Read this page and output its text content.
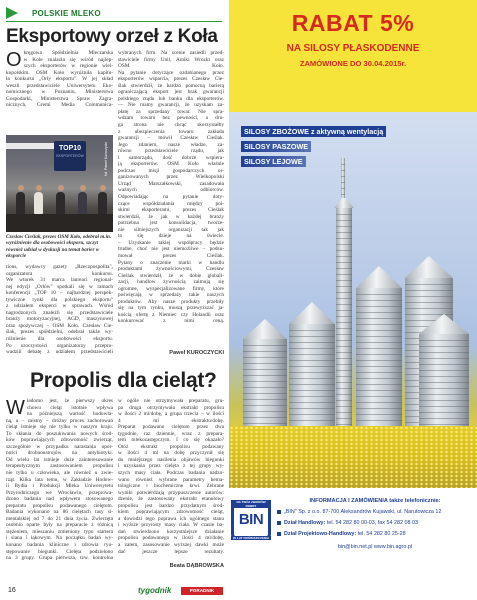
POLSKIE MLEKO
Eksportowy orzeł z Koła
O kręgowa Spółdzielnia Mleczarska
w Kole znalazła się wśród najlep-
szych eksporterów w regionie wiel-
kopolskim. OSM Koło wyróżniła kapitu-
ła konkursu „Orły eksportu". W jej skład
weszli przedstawiciele Uniwersytetu Eko-
nomicznego w Poznaniu, Ministerstwa
Gospodarki, Ministerstwa Spraw Zagra-
nicznych, Gremi Media Communica-
TOP10
EKSPORTERÓW	fot. Paweł Kuroczycki
Czesław Cieślak, prezes OSM Koło, odebrał m.in. wyróżnienie dla osobowości eksporu, szczyt również udział w dyskusji na temat barier w eksporcie
tions, wydawcy gazety „Rzeczpospolita",
organizatora konkursu.
We wtorek 31 marca laureaci regional-
nej edycji „Orłów" spotkali się w ramach
konferencji „TOP 10 – najbardziej perspek-
tywiczne rynki dla polskiego eksportu"
z udziałem eksperci w sprawach. Wśród
nagrodzonych znaleźli się przedstawiciele
branży motoryzacyjnej, AGD, maszynowej
oraz spożywczej – OSM Koło. Czesław Cie-
ślak, prezes spółdzielni, odebrał także wy-
różnienie dla osobowości eksportu.
Po uroczystości organizatorzy przepro-
wadzili debatę z udziałem przedstawicieli
wybranych firm. Na scenie zasiedli przed-
stawiciele firmy Unil, Amiki Wrozki oraz
OSM Koło.
Na pytanie dotyczące ozdabianego przez
eksporterów wsparcia, prezes Czesław Cie-
ślak stwierdził, że bardzo pomocną barierą
ograniczającą eksport jest brak gwarancji
polskiego rządu lub banku dla eksporterów.
— Nie mamy gwarancji, że uzyskam za-
płatę za sprzedany towar. Nie spra-
wdzam towaru bez pewności, a dru-
ga strona nie chcąc skorzystałby
z ubezpieczenia towaru zakłada
gwarancji – mówił Czesław Cieślak.
Jego zdaniem, nasze władze, za-
równo przedstawiciele rządu, jak
i samorządu, dość dobrze wspiera-
ją eksporterów. OSM Koło właśnie
podczas misji gospodarczych or-
ganizowanych przez Wielkopolski
Urząd Marszałkowski, zasadowała
ważnych odbiorców.
Odpowiadając na pytanie doty-
czące współdziałania między pol-
skimi eksporterami, prezes Cieślak
stwierdził, że jak w każdej branży
potrzebna jest konsolidacja, tworze-
nie silniejszych organizacji tak jak
to się dzieje na świecie.
– Uzyskanie takiej współpracy będzie
trudne, choć nie jest niemożliwe – podsu-
mował prezes Cieślak.
Pytany o znaczenie marki w handlu
produktami żywnościowymi, Czesław
Cieślak stwierdził, że w dobie globali-
zacji, handlow żywnością zaimują się
ogromne, wyspecjalizowane firmy, które
poświęcają w sprzedaży takie naszych
produktów. Aby nasze produkty przebiły
się na tym rynku, muszą przewyższać ja-
kością ofertę z Niemiec czy Holandii oraz
konkurować z nimi ceną.
Paweł KUROCZYCKI
Propolis dla cieląt?
W ładomo jest, że pierwszy okres
chowu cieląt istotnie wpływa
na późniejszą wartość hodowla-
ną, a – zaistny – dróżny proces zachorowań
cieląt istnieje się nie tylko w naszym kraju.
To skłania do poszukiwania nowych środ-
ków poprawiających zdrowotność zwierząt,
szczególnie w przypadku narastania opor-
ności drobnoustrojów na antybiotyki.
Od wielu lat istnieje duże zainteresowanie
terapeutycznym zastosowaniem propolisu
nie tylko u człowieka, ale również u zwie-
rząt. Kilka lata temu, w Zakładzie Hodow-
li Bydła i Produkcji Mleka Uniwersytetu
Przyrodniczego we Wrocławiu, przeprowa-
dzono badania nad wpływem stosowanego
preparatu propolisu podawanego cielętom.
Badania wykonano na 86 cielętach rasy si-
mentalskiej od 7 do 21 dnia życia. Zwierzęta
osobnio oparte były na preparacie z różnicą
stężeniem, mieszaniu zmieniony typu startera
i siana i łąkowym. Na początku badań wy-
konano badania kliniczne i zdrowia ryo-
stępowanie biegunki. Cielęta podzielono
na 3 grupy. Grupa pierwsza, tzw. kontrolna
w ogóle nie otrzymywała preparatu, gru-
pa druga otrzymywała ekstrakt propolisu
w ilości 2 ml/dobę, a grupa trzecia – w ilości
4 ml ekstraktu/dobę.
Preparat podawano cielętom przez dwa
tygodnie, raz dziennie, wraz z prepara-
tem mlekozastępczym. I co się okazało?
Otóż ekstrakt propolisu podawany
w ilości 4 ml na dobę przyczynił się
do mniejszego nasilenia objawów biegunki
i uzyskania przez cielęta z tej grupy wy-
szych masy ciała. Podczas badania nadzo-
wano również wybrane parametry hema-
tologiczne i biochemiczne krwi. Zebrane
wyniki potwierdzają przypuszczenie autorów:
dzenie, że zastosowany ekstrakt etanolowy
propolisu jest bardzo przydatnym środ-
kiem poprawiającym zdrowotność cieląt,
a dowodzi tego poprawa ich ogólnego stanu
i wyższe przyrosty masy ciała. W czasie ba-
dań stwierdzono korzystniejsze działanie
propolisu podawanego w ilości 4 ml/dobę,
a zatem, zasosowanie wyższej dawki może
dać jeszcze lepsze rezultaty.
Beata DĄBROWSKA
16	tygodnik	PORADNIK rolniczy
RABAT 5%
NA SILOSY PŁASKODENNE
ZAMÓWIONE DO 30.04.2015r.
SILOSY ZBOŻOWE z aktywną wentylacją
SILOSY PASZOWE
SILOSY LEJOWE
NA TWÓJ ZBIORÓW DOBRY
BIN
20 LAT DOŚWIADCZENIA
INFORMACJA I ZAMÓWIENIA także telefonicznie:
„BIN" Sp. z o.o. 87-700 Aleksandrów Kujawski, ul. Narutowicza 12
Dział Handlowy: tel. 54 282 80 00-03, fax 54 282 08 03
Dział Projektowo-Handlowy: tel. 54 282 80 25-28
bin@bin.net.pl www.bin.agro.pl
